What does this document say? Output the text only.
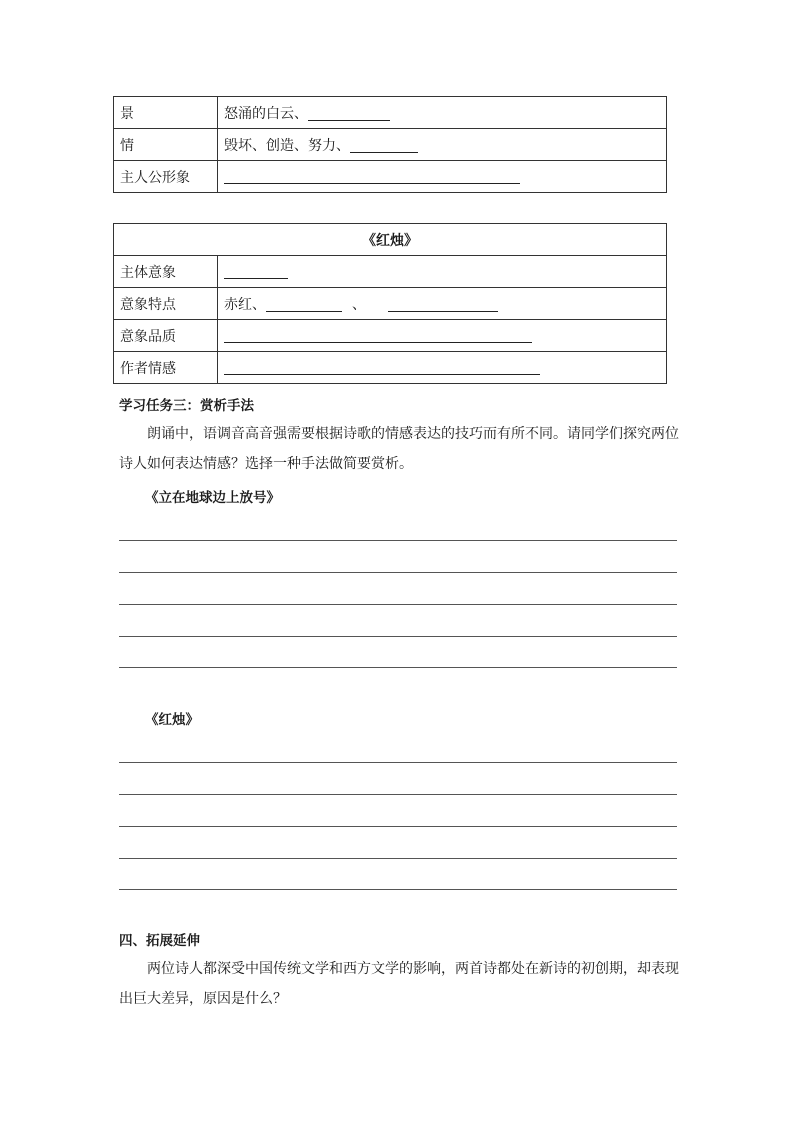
景	怒涌的白云、
情	毁坏、创造、努力、
主人公形象	
《红烛》	
主体意象	
意象特点	赤红、 、
意象品质	
作者情感	
学习任务三：赏析手法
朗诵中，语调音高音强需要根据诗歌的情感表达的技巧而有所不同。请同学们探究两位
诗人如何表达情感？选择一种手法做简要赏析。
《立在地球边上放号》
《红烛》
四、拓展延伸
两位诗人都深受中国传统文学和西方文学的影响，两首诗都处在新诗的初创期，却表现
出巨大差异，原因是什么？
